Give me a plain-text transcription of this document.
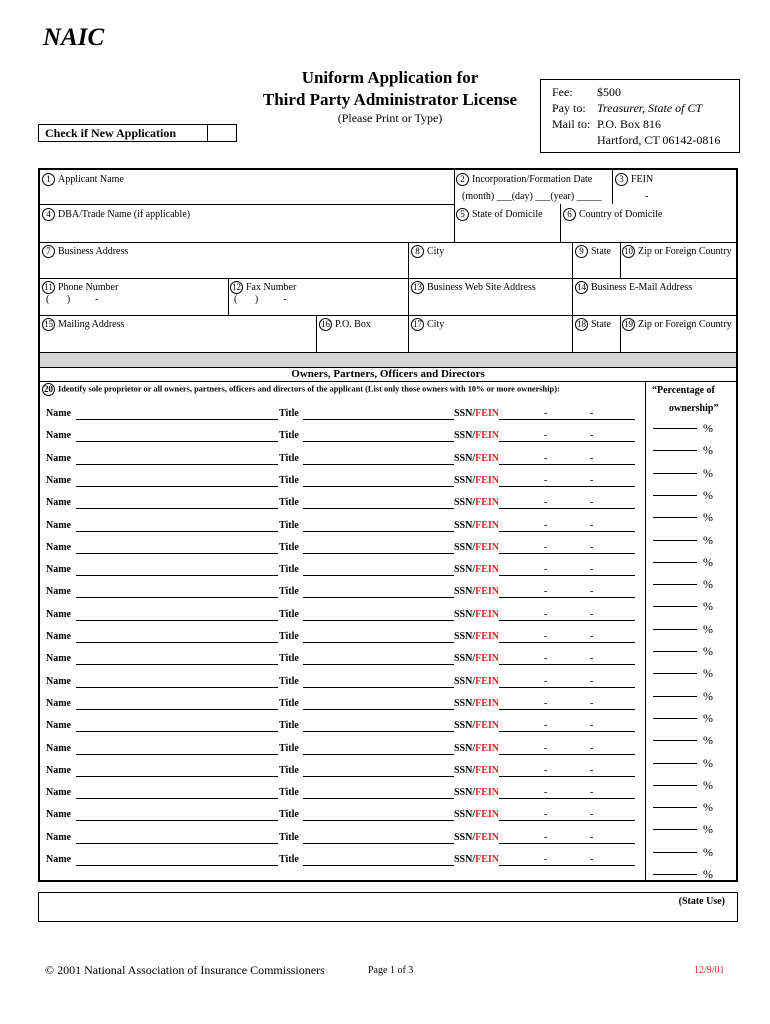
NAIC
Uniform Application for
Third Party Administrator License
(Please Print or Type)
Fee: $500
Pay to: Treasurer, State of CT
Mail to: P.O. Box 816
Hartford, CT 06142-0816
Check if New Application
1 Applicant Name	2 Incorporation/Formation Date
(month) ___(day) ___(year) _____
3 FEIN
-
4 DBA/Trade Name (if applicable)	5 State of Domicile	6 Country of Domicile
7 Business Address	8 City	9 State 10 Zip or Foreign Country
11 Phone Number
(       )          -
12 Fax Number
(       )          -
13 Business Web Site Address	14 Business E-Mail Address
15 Mailing Address	16 P.O. Box	17 City	18 State 19 Zip or Foreign Country
Owners, Partners, Officers and Directors
20 Identify sole proprietor or all owners, partners, officers and directors of the applicant (List only those owners with 10% or more ownership):	“Percentage of
ownership”
Name	Title	SSN/FEIN	-	-
%
Name	Title	SSN/FEIN	-	-
%
Name	Title	SSN/FEIN	-	-
%
Name	Title	SSN/FEIN	-	-
%
Name	Title	SSN/FEIN	-	-
%
Name	Title	SSN/FEIN	-	-
%
Name	Title	SSN/FEIN	-	-
%
Name	Title	SSN/FEIN	-	-
%
Name	Title	SSN/FEIN	-	-
%
Name	Title	SSN/FEIN	-	-
%
Name	Title	SSN/FEIN	-	-
%
Name	Title	SSN/FEIN	-	-
%
Name	Title	SSN/FEIN	-	-
%
Name	Title	SSN/FEIN	-	-
%
Name	Title	SSN/FEIN	-	-
%
Name	Title	SSN/FEIN	-	-
%
Name	Title	SSN/FEIN	-	-
%
Name	Title	SSN/FEIN	-	-
%
Name	Title	SSN/FEIN	-	-
%
Name	Title	SSN/FEIN	-	-
%
Name	Title	SSN/FEIN	-	-
%
(State Use)
© 2001 National Association of Insurance Commissioners	Page 1 of 3	12/9/01
